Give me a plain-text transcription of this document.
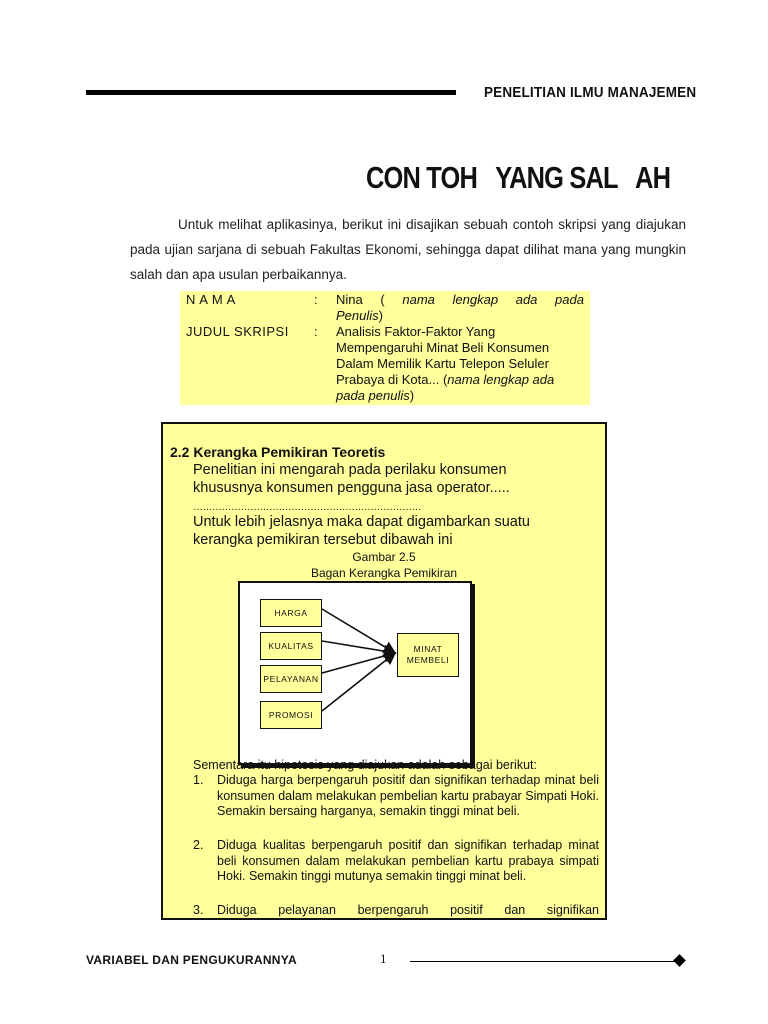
PENELITIAN ILMU MANAJEMEN
CON TOH   YANG SAL   AH
Untuk melihat aplikasinya, berikut ini disajikan sebuah contoh skripsi yang diajukan pada ujian sarjana di sebuah Fakultas Ekonomi, sehingga dapat dilihat mana yang mungkin salah dan apa usulan perbaikannya.
N A M A	: Nina ( nama lengkap ada pada
Penulis)
JUDUL SKRIPSI : Analisis Faktor-Faktor Yang
Mempengaruhi Minat Beli Konsumen
Dalam Memilik Kartu Telepon Seluler
Prabaya di Kota... (nama lengkap ada
pada penulis)
2.2 Kerangka Pemikiran Teoretis
Penelitian ini mengarah pada perilaku konsumen
khususnya konsumen pengguna jasa operator.....
………………………………………………………………
Untuk lebih jelasnya maka dapat digambarkan suatu
kerangka pemikiran tersebut dibawah ini
Gambar 2.5
Bagan Kerangka Pemikiran
HARGA
KUALITAS
PELAYANAN
PROMOSI
MINAT
MEMBELI
Sementara itu hipotesis yang diajukan adalah sebagai berikut:
1. Diduga harga berpengaruh positif dan signifikan terhadap minat beli konsumen dalam melakukan pembelian kartu prabayar Simpati Hoki. Semakin bersaing harganya, semakin tinggi minat beli.
2. Diduga kualitas berpengaruh positif dan signifikan terhadap minat beli konsumen dalam melakukan pembelian kartu prabaya simpati Hoki. Semakin tinggi mutunya semakin tinggi minat beli.
3. Diduga pelayanan berpengaruh positif dan signifikan
VARIABEL DAN PENGUKURANNYA	1
